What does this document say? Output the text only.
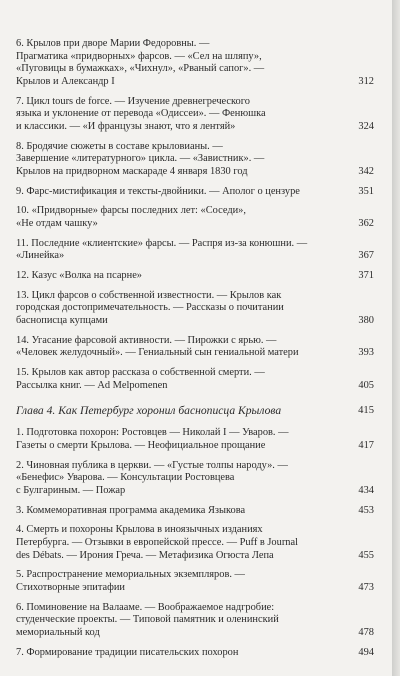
6. Крылов при дворе Марии Федоровны. —
Прагматика «придворных» фарсов. — «Сел на шляпу»,
«Пуговицы в бумажках», «Чихнул», «Рваный сапог». —
Крылов и Александр I	312
7. Цикл tours de force. — Изучение древнегреческого
языка и уклонение от перевода «Одиссеи». — Фенюшка
и классики. — «И французы знают, что я лентяй»	324
8. Бродячие сюжеты в составе крыловианы. —
Завершение «литературного» цикла. — «Завистник». —
Крылов на придворном маскараде 4 января 1830 год	342
9. Фарс-мистификация и тексты-двойники. — Аполог о цензуре	351
10. «Придворные» фарсы последних лет: «Соседи»,
«Не отдам чашку»	362
11. Последние «клиентские» фарсы. — Распря из-за конюшни. —
«Линейка»	367
12. Казус «Волка на псарне»	371
13. Цикл фарсов о собственной известности. — Крылов как
городская достопримечательность. — Рассказы о почитании
баснописца купцами	380
14. Угасание фарсовой активности. — Пирожки с ярью. —
«Человек желудочный». — Гениальный сын гениальной матери	393
15. Крылов как автор рассказа о собственной смерти. —
Рассылка книг. — Ad Melpomenen	405
Глава 4. Как Петербург хоронил баснописца Крылова	415
1. Подготовка похорон: Ростовцев — Николай I — Уваров. —
Газеты о смерти Крылова. — Неофициальное прощание	417
2. Чиновная публика в церкви. — «Густые толпы народу». —
«Бенефис» Уварова. — Консультации Ростовцева
с Булгариным. — Пожар	434
3. Коммеморативная программа академика Языкова	453
4. Смерть и похороны Крылова в иноязычных изданиях
Петербурга. — Отзывки в европейской прессе. — Puff в Journal
des Débats. — Ирония Греча. — Метафизика Огюста Лепа	455
5. Распространение мемориальных экземпляров. —
Стихотворные эпитафии	473
6. Поминовение на Валааме. — Воображаемое надгробие:
студенческие проекты. — Типовой памятник и оленинский
мемориальный код	478
7. Формирование традиции писательских похорон	494
